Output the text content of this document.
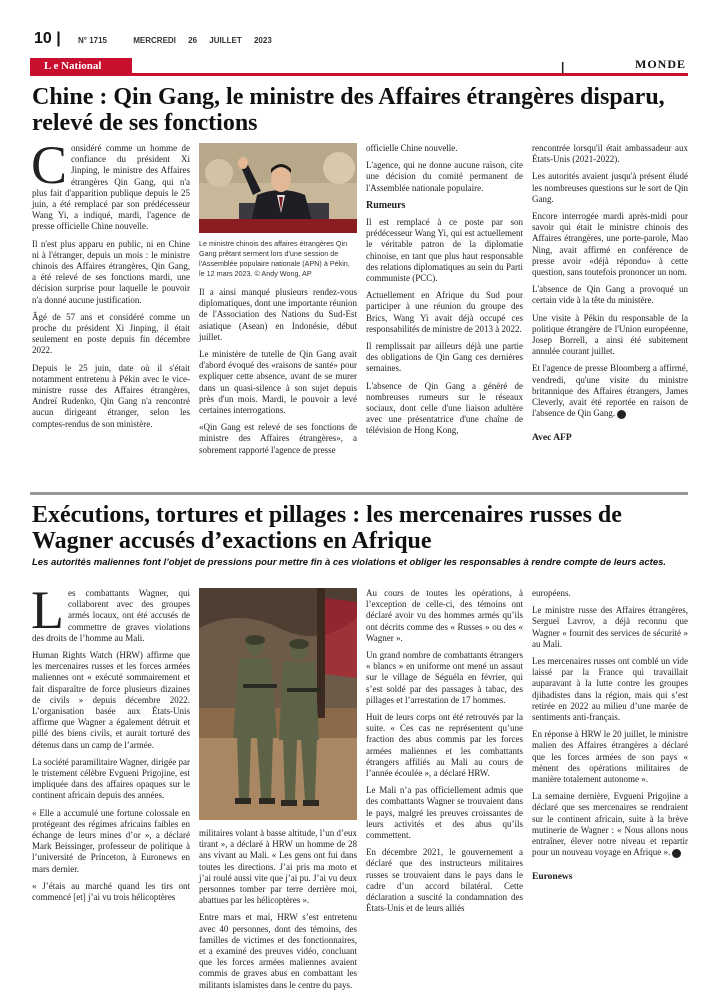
10 | N° 1715	MERCREDI 26 JUILLET 2023
L e National	|	MONDE
Chine : Qin Gang, le ministre des Affaires étrangères disparu, relevé de ses fonctions

Considéré comme un homme de confiance du président Xi Jinping, le ministre des Affaires étrangères Qin Gang, qui n'a plus fait d'apparition publique depuis le 25 juin, a été remplacé par son prédécesseur Wang Yi, a indiqué, mardi, l'agence de presse officielle Chine nouvelle.

Il n'est plus apparu en public, ni en Chine ni à l'étranger, depuis un mois : le ministre chinois des Affaires étrangères, Qin Gang, a été relevé de ses fonctions mardi, une décision surprise pour laquelle le pouvoir n'a donné aucune justification.

Âgé de 57 ans et considéré comme un proche du président Xi Jinping, il était seulement en poste depuis fin décembre 2022.

Depuis le 25 juin, date où il s'était notamment entretenu à Pékin avec le vice-ministre russe des Affaires étrangères, Andreï Rudenko, Qin Gang n'a rencontré aucun dirigeant étranger, selon les comptes-rendus de son ministère.

Le ministre chinois des affaires étrangères Qin Gang prêtant serment lors d'une session de l'Assemblée populaire nationale (APN) à Pékin, le 12 mars 2023. © Andy Wong, AP

Il a ainsi manqué plusieurs rendez-vous diplomatiques, dont une importante réunion de l'Association des Nations du Sud-Est asiatique (Asean) en Indonésie, début juillet.

Le ministère de tutelle de Qin Gang avait d'abord évoqué des «raisons de santé» pour expliquer cette absence, avant de se murer dans un quasi-silence à son sujet depuis près d'un mois. Mardi, le pouvoir a levé certaines interrogations.

«Qin Gang est relevé de ses fonctions de ministre des Affaires étrangères», a sobrement rapporté l'agence de presse

officielle Chine nouvelle.

L'agence, qui ne donne aucune raison, cite une décision du comité permanent de l'Assemblée nationale populaire.

Rumeurs

Il est remplacé à ce poste par son prédécesseur Wang Yi, qui est actuellement le véritable patron de la diplomatie chinoise, en tant que plus haut responsable des relations diplomatiques au sein du Parti communiste (PCC).

Actuellement en Afrique du Sud pour participer à une réunion du groupe des Brics, Wang Yi avait déjà occupé ces responsabilités de ministre de 2013 à 2022.

Il remplissait par ailleurs déjà une partie des obligations de Qin Gang ces dernières semaines.

L'absence de Qin Gang a généré de nombreuses rumeurs sur le réseaux sociaux, dont celle d'une liaison adultère avec une présentatrice d'une chaîne de télévision de Hong Kong,

rencontrée lorsqu'il était ambassadeur aux États-Unis (2021-2022).

Les autorités avaient jusqu'à présent éludé les nombreuses questions sur le sort de Qin Gang.

Encore interrogée mardi après-midi pour savoir qui était le ministre chinois des Affaires étrangères, une porte-parole, Mao Ning, avait affirmé en conférence de presse avoir «déjà répondu» à cette question, sans toutefois prononcer un nom.

L'absence de Qin Gang a provoqué un certain vide à la tête du ministère.

Une visite à Pékin du responsable de la politique étrangère de l'Union européenne, Josep Borrell, a ainsi été subitement annulée courant juillet.

Et l'agence de presse Bloomberg a affirmé, vendredi, qu'une visite du ministre britannique des Affaires étrangers, James Cleverly, avait été reportée en raison de l'absence de Qin Gang.

Avec AFP
Exécutions, tortures et pillages : les mercenaires russes de Wagner accusés d’exactions en Afrique
Les autorités maliennes font l’objet de pressions pour mettre fin à ces violations et obliger les responsables à rendre compte de leurs actes.

Les combattants Wagner, qui collaborent avec des groupes armés locaux, ont été accusés de commettre de graves violations des droits de l’homme au Mali.

Human Rights Watch (HRW) affirme que les mercenaires russes et les forces armées maliennes ont « exécuté sommairement et fait disparaître de force plusieurs dizaines de civils » depuis décembre 2022. L’organisation basée aux États-Unis affirme que Wagner a également détruit et pillé des biens civils, et aurait torturé des détenus dans un camp de l’armée.

La société paramilitaire Wagner, dirigée par le tristement célèbre Evgueni Prigojine, est impliquée dans des affaires opaques sur le continent africain depuis des années.

« Elle a accumulé une fortune colossale en protégeant des régimes africains faibles en échange de leurs mines d’or », a déclaré Mark Beissinger, professeur de politique à l’université de Princeton, à Euronews en mars dernier.

« J’étais au marché quand les tirs ont commencé [et] j’ai vu trois hélicoptères

militaires volant à basse altitude, l’un d’eux tirant », a déclaré à HRW un homme de 28 ans vivant au Mali. « Les gens ont fui dans toutes les directions. J’ai pris ma moto et j’ai roulé aussi vite que j’ai pu. J’ai vu deux personnes tomber par terre derrière moi, abattues par les hélicoptères ».

Entre mars et mai, HRW s’est entretenu avec 40 personnes, dont des témoins, des familles de victimes et des fonctionnaires, et a examiné des preuves vidéo, concluant que les forces armées maliennes avaient commis de graves abus en combattant les militants islamistes dans le centre du pays.

Au cours de toutes les opérations, à l’exception de celle-ci, des témoins ont déclaré avoir vu des hommes armés qu’ils ont décrits comme des « Russes » ou des « Wagner ».

Un grand nombre de combattants étrangers « blancs » en uniforme ont mené un assaut sur le village de Séguéla en février, qui s’est soldé par des passages à tabac, des pillages et l’arrestation de 17 hommes.

Huit de leurs corps ont été retrouvés par la suite. « Ces cas ne représentent qu’une fraction des abus commis par les forces armées maliennes et les combattants étrangers affiliés au Mali au cours de l’année écoulée », a déclaré HRW.

Le Mali n’a pas officiellement admis que des combattants Wagner se trouvaient dans le pays, malgré les preuves croissantes de leurs activités et des abus qu’ils commettent.

En décembre 2021, le gouvernement a déclaré que des instructeurs militaires russes se trouvaient dans le pays dans le cadre d’un accord bilatéral. Cette déclaration a suscité la condamnation des États-Unis et de leurs alliés

européens.

Le ministre russe des Affaires étrangères, Sergueï Lavrov, a déjà reconnu que Wagner « fournit des services de sécurité » au Mali.

Les mercenaires russes ont comblé un vide laissé par la France qui travaillait auparavant à la lutte contre les groupes djihadistes dans la région, mais qui s’est retirée en 2022 au milieu d’une marée de sentiments anti-français.

En réponse à HRW le 20 juillet, le ministre malien des Affaires étrangères a déclaré que les forces armées de son pays « mènent des opérations militaires de manière totalement autonome ».

La semaine dernière, Evgueni Prigojine a déclaré que ses mercenaires se rendraient sur le continent africain, suite à la brève mutinerie de Wagner : « Nous allons nous entraîner, élever notre niveau et repartir pour un nouveau voyage en Afrique ».

Euronews
